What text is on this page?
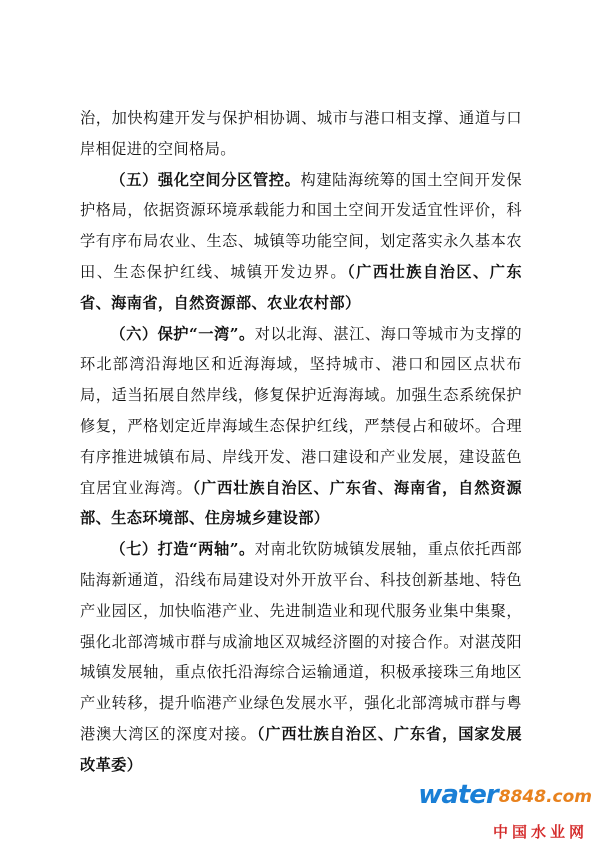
治，加快构建开发与保护相协调、城市与港口相支撑、通道与口岸相促进的空间格局。

（五）强化空间分区管控。构建陆海统筹的国土空间开发保护格局，依据资源环境承载能力和国土空间开发适宜性评价，科学有序布局农业、生态、城镇等功能空间，划定落实永久基本农田、生态保护红线、城镇开发边界。（广西壮族自治区、广东省、海南省，自然资源部、农业农村部）

（六）保护“一湾”。对以北海、湛江、海口等城市为支撑的环北部湾沿海地区和近海海域，坚持城市、港口和园区点状布局，适当拓展自然岸线，修复保护近海海域。加强生态系统保护修复，严格划定近岸海域生态保护红线，严禁侵占和破坏。合理有序推进城镇布局、岸线开发、港口建设和产业发展，建设蓝色宜居宜业海湾。（广西壮族自治区、广东省、海南省，自然资源部、生态环境部、住房城乡建设部）

（七）打造“两轴”。对南北钦防城镇发展轴，重点依托西部陆海新通道，沿线布局建设对外开放平台、科技创新基地、特色产业园区，加快临港产业、先进制造业和现代服务业集中集聚，强化北部湾城市群与成渝地区双城经济圈的对接合作。对湛茂阳城镇发展轴，重点依托沿海综合运输通道，积极承接珠三角地区产业转移，提升临港产业绿色发展水平，强化北部湾城市群与粤港澳大湾区的深度对接。（广西壮族自治区、广东省，国家发展改革委）

water 8848.com
中国水业网
